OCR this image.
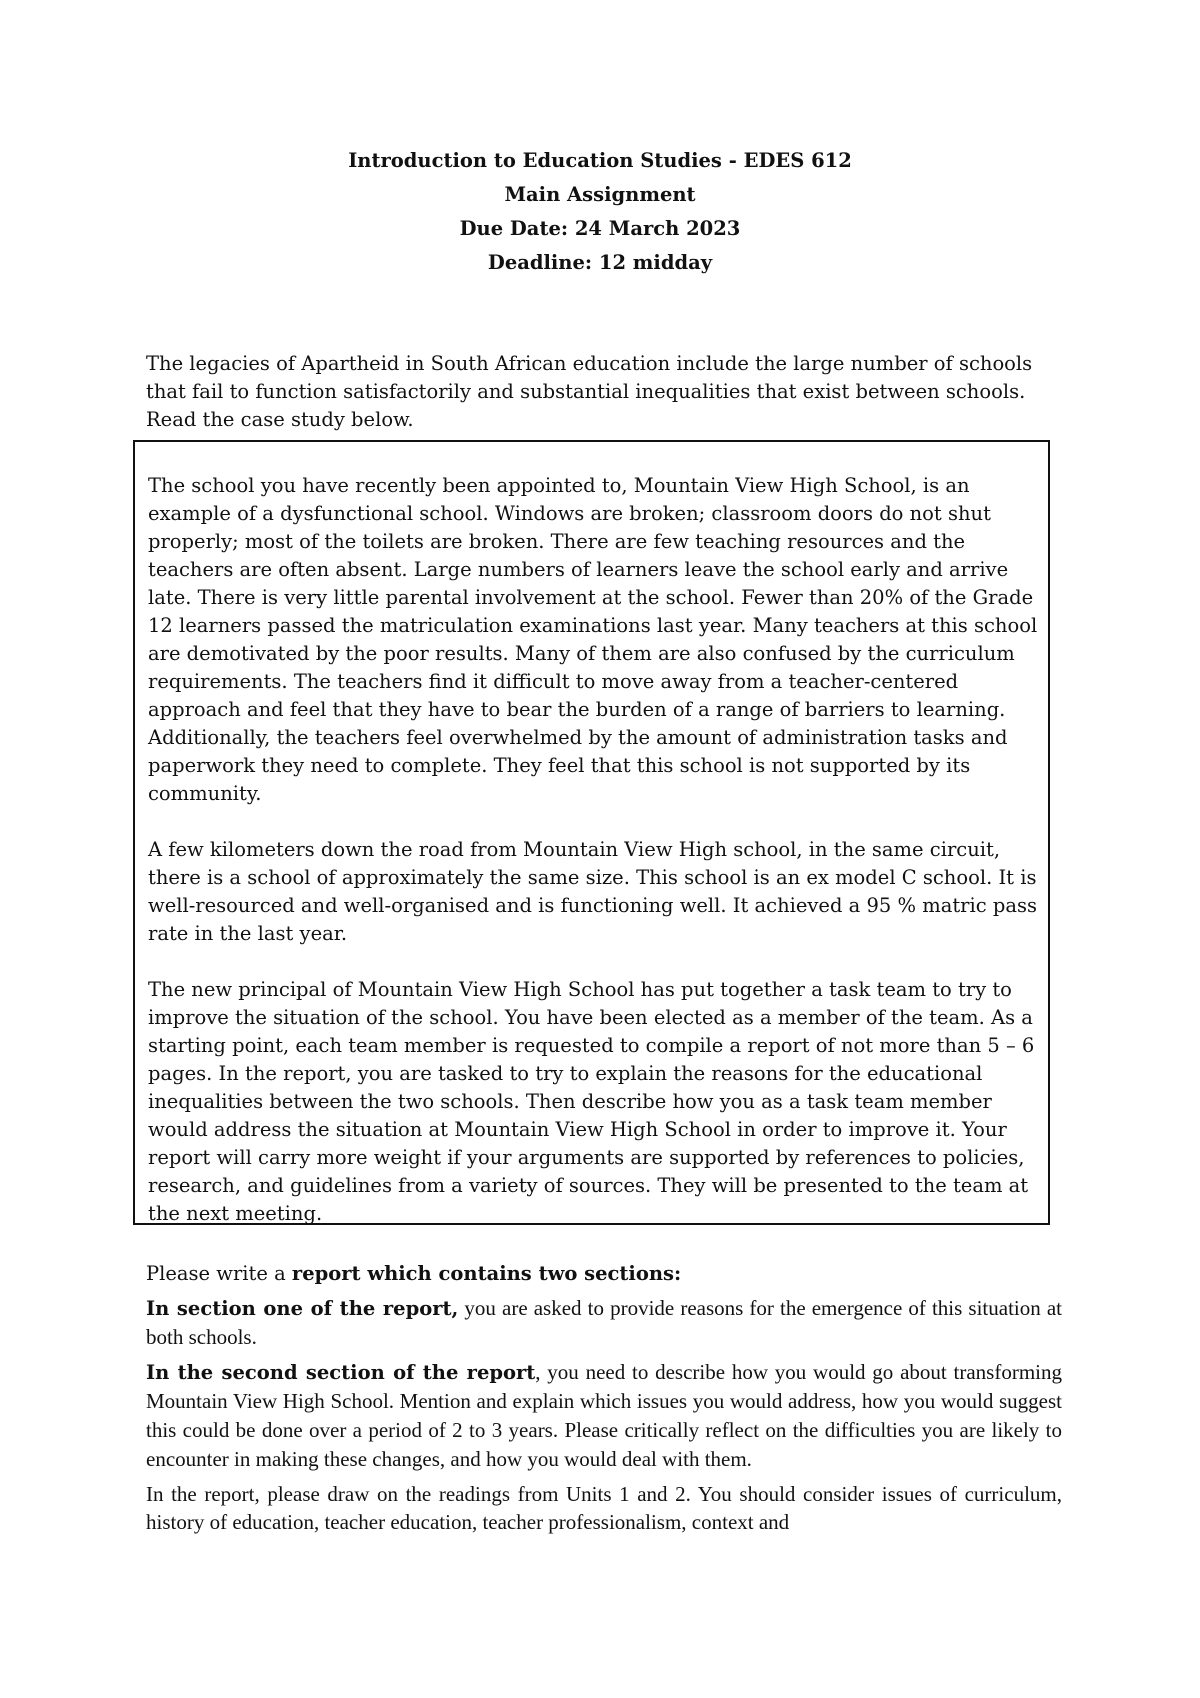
Introduction to Education Studies - EDES 612
Main Assignment
Due Date: 24 March 2023
Deadline: 12 midday

The legacies of Apartheid in South African education include the large number of schools that fail to function satisfactorily and substantial inequalities that exist between schools. Read the case study below.

The school you have recently been appointed to, Mountain View High School, is an example of a dysfunctional school. Windows are broken; classroom doors do not shut properly; most of the toilets are broken. There are few teaching resources and the teachers are often absent. Large numbers of learners leave the school early and arrive late. There is very little parental involvement at the school. Fewer than 20% of the Grade 12 learners passed the matriculation examinations last year. Many teachers at this school are demotivated by the poor results. Many of them are also confused by the curriculum requirements. The teachers find it difficult to move away from a teacher-centered approach and feel that they have to bear the burden of a range of barriers to learning. Additionally, the teachers feel overwhelmed by the amount of administration tasks and paperwork they need to complete. They feel that this school is not supported by its community.

A few kilometers down the road from Mountain View High school, in the same circuit, there is a school of approximately the same size. This school is an ex model C school. It is well-resourced and well-organised and is functioning well. It achieved a 95 % matric pass rate in the last year.

The new principal of Mountain View High School has put together a task team to try to improve the situation of the school. You have been elected as a member of the team. As a starting point, each team member is requested to compile a report of not more than 5 – 6 pages. In the report, you are tasked to try to explain the reasons for the educational inequalities between the two schools. Then describe how you as a task team member would address the situation at Mountain View High School in order to improve it. Your report will carry more weight if your arguments are supported by references to policies, research, and guidelines from a variety of sources. They will be presented to the team at the next meeting.

Please write a report which contains two sections:

In section one of the report, you are asked to provide reasons for the emergence of this situation at both schools.

In the second section of the report, you need to describe how you would go about transforming Mountain View High School. Mention and explain which issues you would address, how you would suggest this could be done over a period of 2 to 3 years. Please critically reflect on the difficulties you are likely to encounter in making these changes, and how you would deal with them.

In the report, please draw on the readings from Units 1 and 2. You should consider issues of curriculum, history of education, teacher education, teacher professionalism, context and
